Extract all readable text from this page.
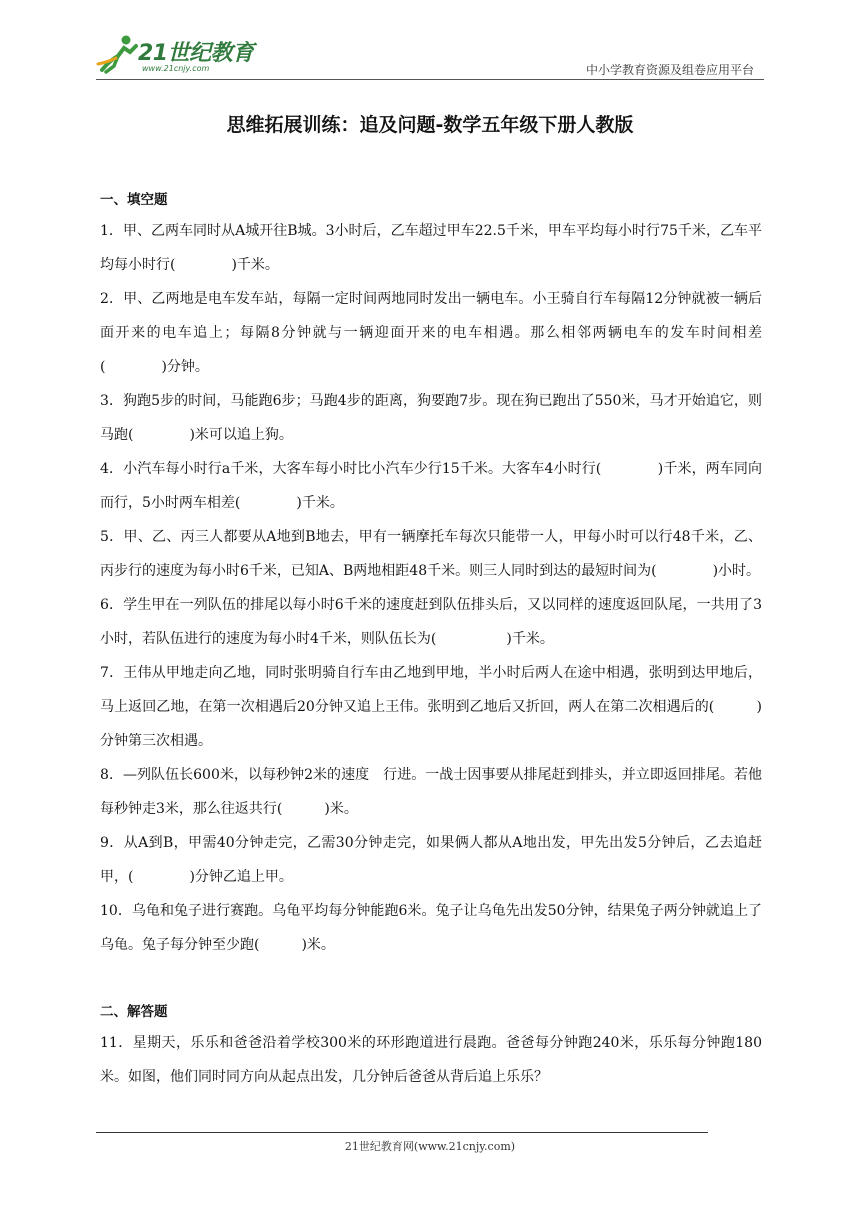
21世纪教育
www.21cnjy.com	中小学教育资源及组卷应用平台
思维拓展训练：追及问题-数学五年级下册人教版
一、填空题

1．甲、乙两车同时从A城开往B城。3小时后，乙车超过甲车22.5千米，甲车平均每小时行75千米，乙车平均每小时行(　　　　)千米。

2．甲、乙两地是电车发车站，每隔一定时间两地同时发出一辆电车。小王骑自行车每隔12分钟就被一辆后面开来的电车追上；每隔8分钟就与一辆迎面开来的电车相遇。那么相邻两辆电车的发车时间相差(　　　　)分钟。

3．狗跑5步的时间，马能跑6步；马跑4步的距离，狗要跑7步。现在狗已跑出了550米，马才开始追它，则马跑(　　　　)米可以追上狗。

4．小汽车每小时行a千米，大客车每小时比小汽车少行15千米。大客车4小时行(　　　　)千米，两车同向而行，5小时两车相差(　　　　)千米。

5．甲、乙、丙三人都要从A地到B地去，甲有一辆摩托车每次只能带一人，甲每小时可以行48千米，乙、丙步行的速度为每小时6千米，已知A、B两地相距48千米。则三人同时到达的最短时间为(　　　　)小时。

6．学生甲在一列队伍的排尾以每小时6千米的速度赶到队伍排头后，又以同样的速度返回队尾，一共用了3小时，若队伍进行的速度为每小时4千米，则队伍长为(　　　　　)千米。

7．王伟从甲地走向乙地，同时张明骑自行车由乙地到甲地，半小时后两人在途中相遇，张明到达甲地后，马上返回乙地，在第一次相遇后20分钟又追上王伟。张明到乙地后又折回，两人在第二次相遇后的(　　　)分钟第三次相遇。

8．—列队伍长600米，以每秒钟2米的速度　行进。一战士因事要从排尾赶到排头，并立即返回排尾。若他每秒钟走3米，那么往返共行(　　　)米。

9．从A到B，甲需40分钟走完，乙需30分钟走完，如果俩人都从A地出发，甲先出发5分钟后，乙去追赶甲，(　　　　)分钟乙追上甲。

10．乌龟和兔子进行赛跑。乌龟平均每分钟能跑6米。兔子让乌龟先出发50分钟，结果兔子两分钟就追上了乌龟。兔子每分钟至少跑(　　　)米。

二、解答题

11．星期天，乐乐和爸爸沿着学校300米的环形跑道进行晨跑。爸爸每分钟跑240米，乐乐每分钟跑180米。如图，他们同时同方向从起点出发，几分钟后爸爸从背后追上乐乐？

21世纪教育网(www.21cnjy.com)
